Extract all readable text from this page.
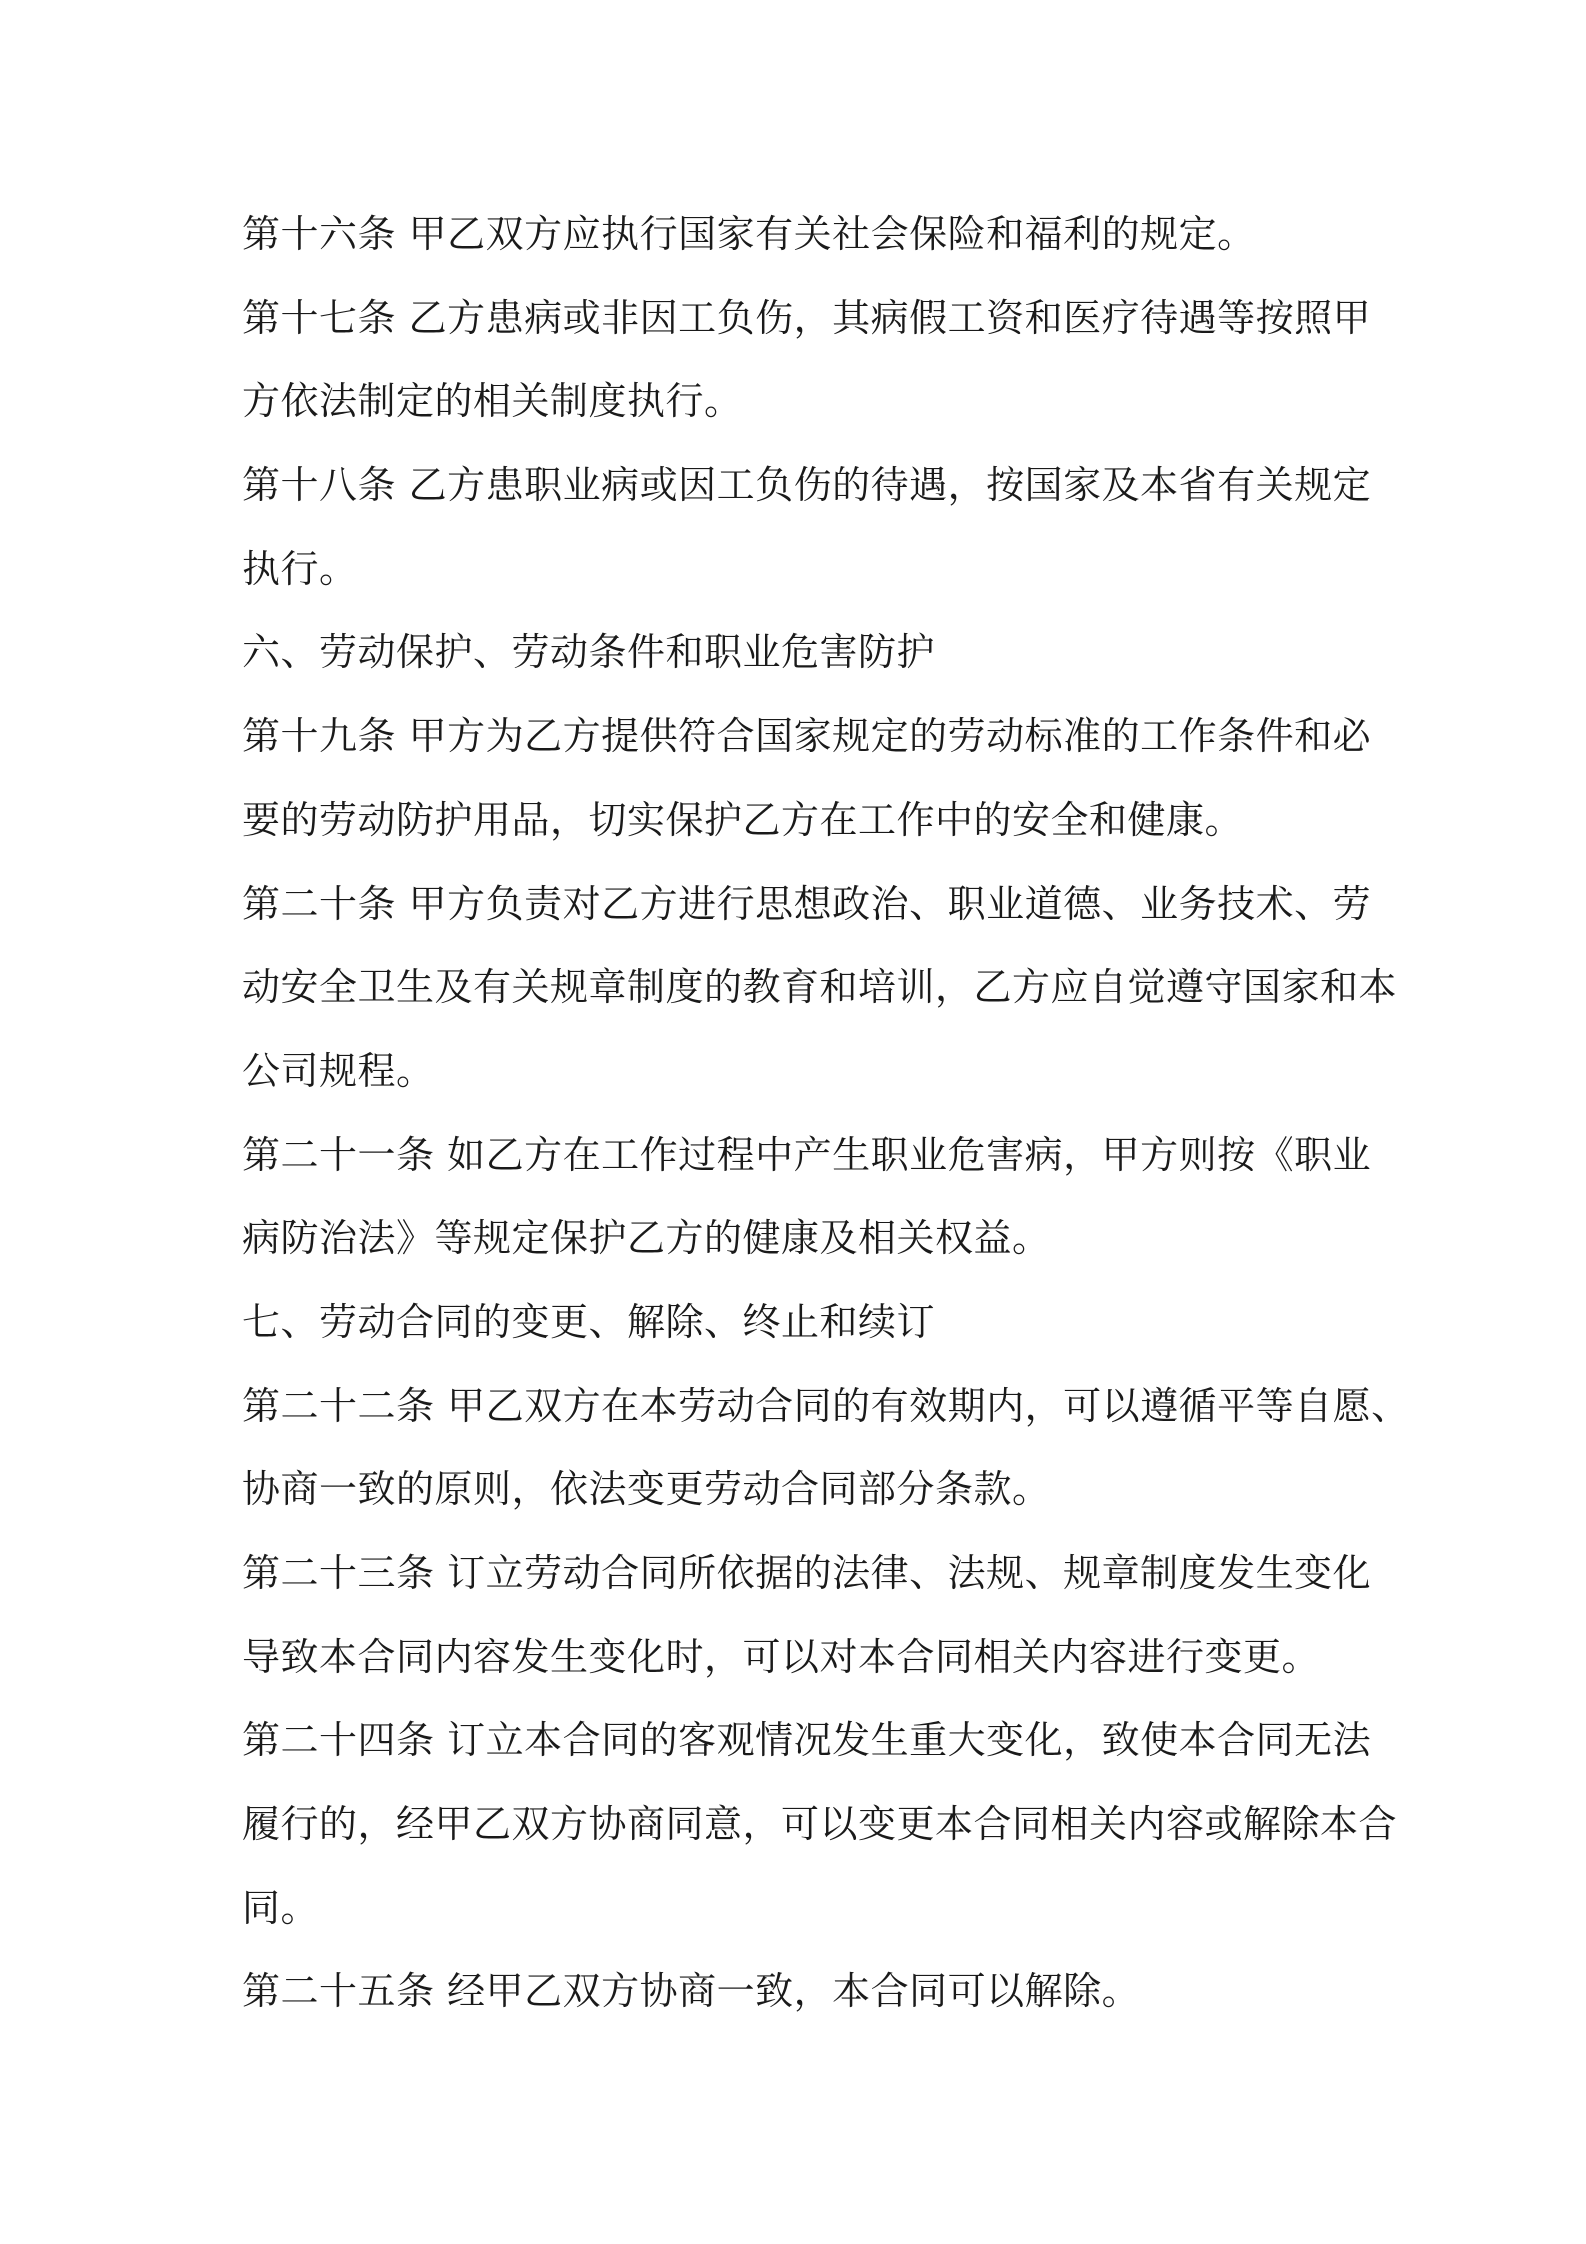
第十六条 甲乙双方应执行国家有关社会保险和福利的规定。
第十七条 乙方患病或非因工负伤，其病假工资和医疗待遇等按照甲
方依法制定的相关制度执行。
第十八条 乙方患职业病或因工负伤的待遇，按国家及本省有关规定
执行。
六、劳动保护、劳动条件和职业危害防护
第十九条 甲方为乙方提供符合国家规定的劳动标准的工作条件和必
要的劳动防护用品，切实保护乙方在工作中的安全和健康。
第二十条 甲方负责对乙方进行思想政治、职业道德、业务技术、劳
动安全卫生及有关规章制度的教育和培训，乙方应自觉遵守国家和本
公司规程。
第二十一条 如乙方在工作过程中产生职业危害病，甲方则按《职业
病防治法》等规定保护乙方的健康及相关权益。
七、劳动合同的变更、解除、终止和续订
第二十二条 甲乙双方在本劳动合同的有效期内，可以遵循平等自愿、
协商一致的原则，依法变更劳动合同部分条款。
第二十三条 订立劳动合同所依据的法律、法规、规章制度发生变化
导致本合同内容发生变化时，可以对本合同相关内容进行变更。
第二十四条 订立本合同的客观情况发生重大变化，致使本合同无法
履行的，经甲乙双方协商同意，可以变更本合同相关内容或解除本合
同。
第二十五条 经甲乙双方协商一致，本合同可以解除。
